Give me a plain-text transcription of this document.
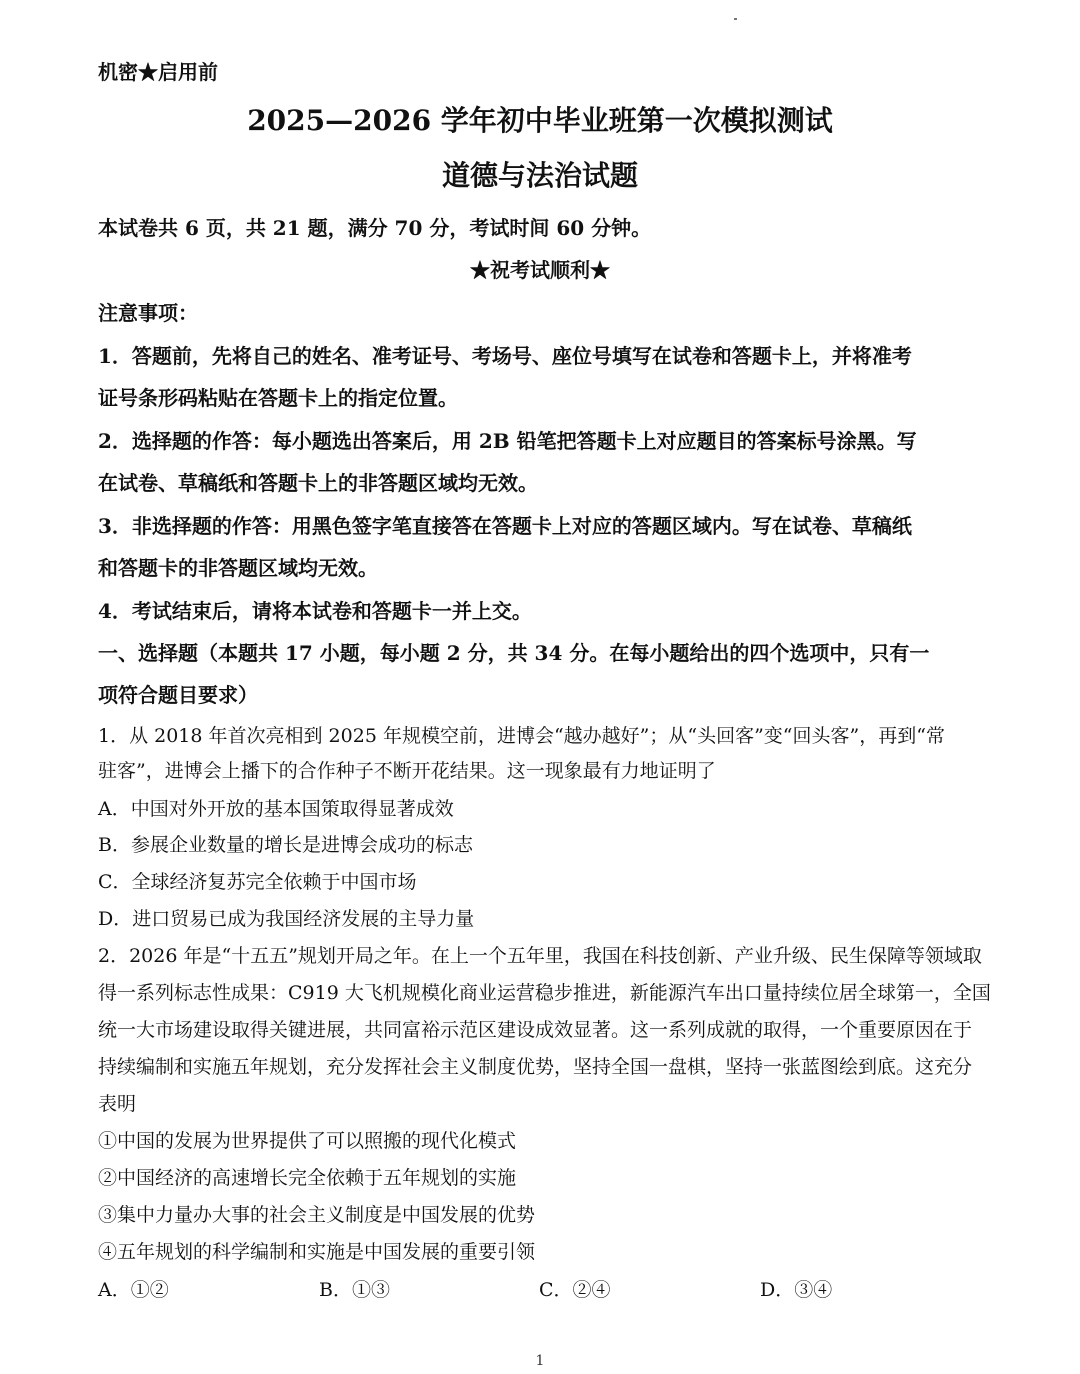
机密★启用前
2025—2026 学年初中毕业班第一次模拟测试
道德与法治试题
本试卷共 6 页，共 21 题，满分 70 分，考试时间 60 分钟。
★祝考试顺利★
注意事项：
1．答题前，先将自己的姓名、准考证号、考场号、座位号填写在试卷和答题卡上，并将准考
证号条形码粘贴在答题卡上的指定位置。
2．选择题的作答：每小题选出答案后，用 2B 铅笔把答题卡上对应题目的答案标号涂黑。写
在试卷、草稿纸和答题卡上的非答题区域均无效。
3．非选择题的作答：用黑色签字笔直接答在答题卡上对应的答题区域内。写在试卷、草稿纸
和答题卡的非答题区域均无效。
4．考试结束后，请将本试卷和答题卡一并上交。
一、选择题（本题共 17 小题，每小题 2 分，共 34 分。在每小题给出的四个选项中，只有一
项符合题目要求）
1．从 2018 年首次亮相到 2025 年规模空前，进博会“越办越好”；从“头回客”变“回头客”，再到“常
驻客”，进博会上播下的合作种子不断开花结果。这一现象最有力地证明了
A．中国对外开放的基本国策取得显著成效
B．参展企业数量的增长是进博会成功的标志
C．全球经济复苏完全依赖于中国市场
D．进口贸易已成为我国经济发展的主导力量
2．2026 年是“十五五”规划开局之年。在上一个五年里，我国在科技创新、产业升级、民生保障等领域取
得一系列标志性成果：C919 大飞机规模化商业运营稳步推进，新能源汽车出口量持续位居全球第一，全国
统一大市场建设取得关键进展，共同富裕示范区建设成效显著。这一系列成就的取得，一个重要原因在于
持续编制和实施五年规划，充分发挥社会主义制度优势，坚持全国一盘棋，坚持一张蓝图绘到底。这充分
表明
①中国的发展为世界提供了可以照搬的现代化模式
②中国经济的高速增长完全依赖于五年规划的实施
③集中力量办大事的社会主义制度是中国发展的优势
④五年规划的科学编制和实施是中国发展的重要引领
A．①②	B．①③	C．②④	D．③④
1
